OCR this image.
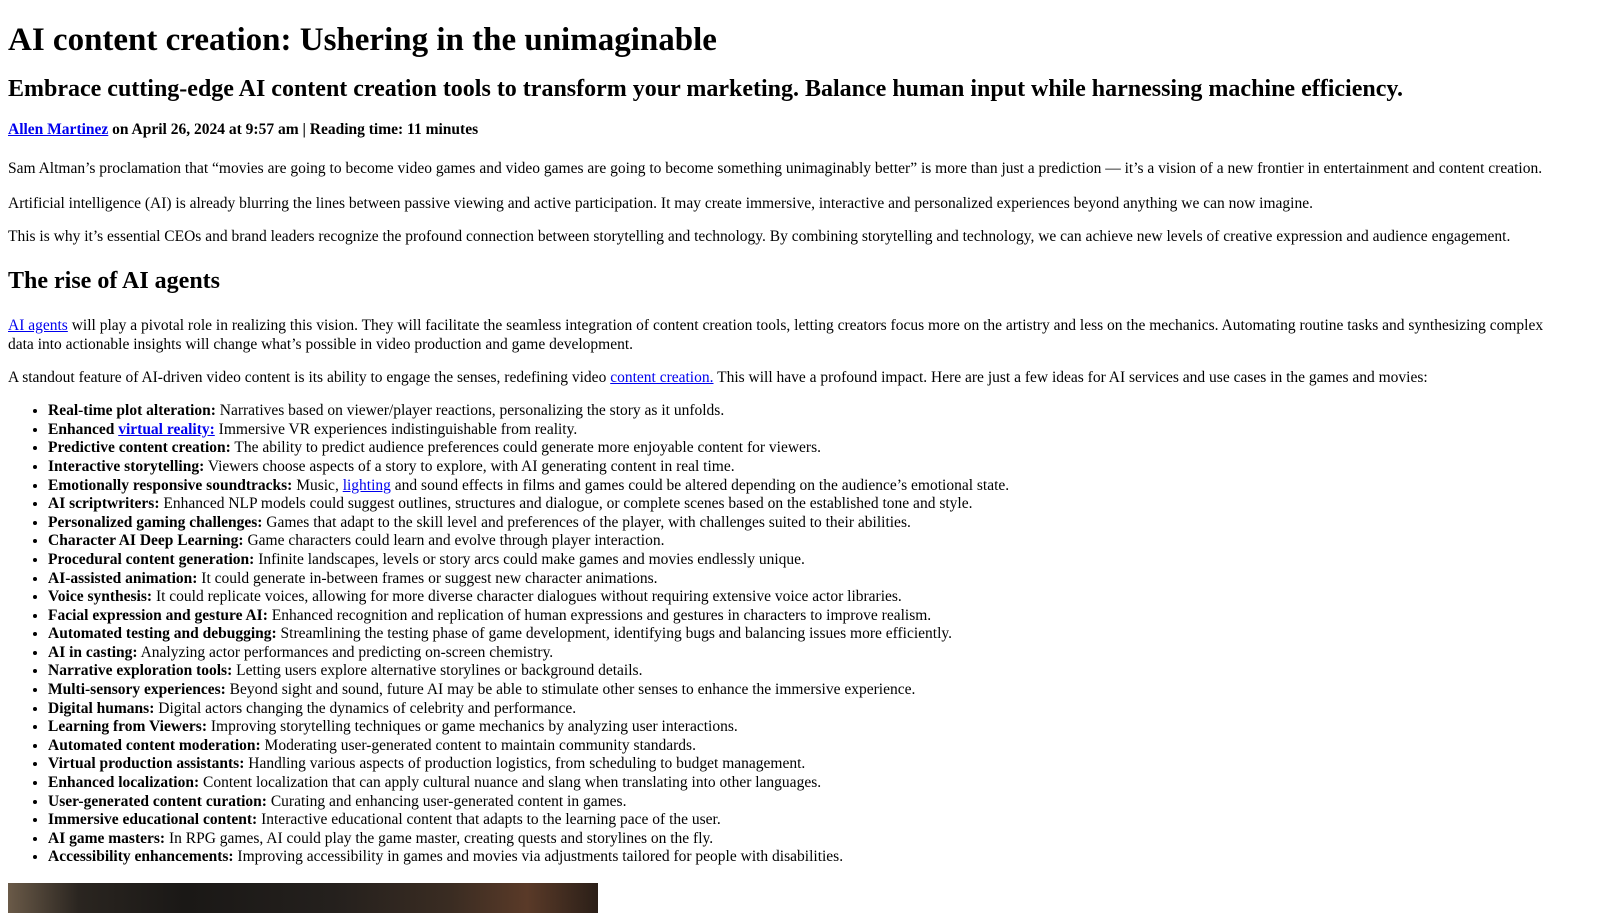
AI content creation: Ushering in the unimaginable
Embrace cutting-edge AI content creation tools to transform your marketing. Balance human input while harnessing machine efficiency.

Allen Martinez on April 26, 2024 at 9:57 am | Reading time: 11 minutes

Sam Altman’s proclamation that “movies are going to become video games and video games are going to become something unimaginably better” is more than just a prediction — it’s a vision of a new frontier in entertainment and content creation.

Artificial intelligence (AI) is already blurring the lines between passive viewing and active participation. It may create immersive, interactive and personalized experiences beyond anything we can now imagine.

This is why it’s essential CEOs and brand leaders recognize the profound connection between storytelling and technology. By combining storytelling and technology, we can achieve new levels of creative expression and audience engagement.

The rise of AI agents

AI agents will play a pivotal role in realizing this vision. They will facilitate the seamless integration of content creation tools, letting creators focus more on the artistry and less on the mechanics. Automating routine tasks and synthesizing complex data into actionable insights will change what’s possible in video production and game development.

A standout feature of AI-driven video content is its ability to engage the senses, redefining video content creation. This will have a profound impact. Here are just a few ideas for AI services and use cases in the games and movies:

• Real-time plot alteration: Narratives based on viewer/player reactions, personalizing the story as it unfolds.
• Enhanced virtual reality: Immersive VR experiences indistinguishable from reality.
• Predictive content creation: The ability to predict audience preferences could generate more enjoyable content for viewers.
• Interactive storytelling: Viewers choose aspects of a story to explore, with AI generating content in real time.
• Emotionally responsive soundtracks: Music, lighting and sound effects in films and games could be altered depending on the audience’s emotional state.
• AI scriptwriters: Enhanced NLP models could suggest outlines, structures and dialogue, or complete scenes based on the established tone and style.
• Personalized gaming challenges: Games that adapt to the skill level and preferences of the player, with challenges suited to their abilities.
• Character AI Deep Learning: Game characters could learn and evolve through player interaction.
• Procedural content generation: Infinite landscapes, levels or story arcs could make games and movies endlessly unique.
• AI-assisted animation: It could generate in-between frames or suggest new character animations.
• Voice synthesis: It could replicate voices, allowing for more diverse character dialogues without requiring extensive voice actor libraries.
• Facial expression and gesture AI: Enhanced recognition and replication of human expressions and gestures in characters to improve realism.
• Automated testing and debugging: Streamlining the testing phase of game development, identifying bugs and balancing issues more efficiently.
• AI in casting: Analyzing actor performances and predicting on-screen chemistry.
• Narrative exploration tools: Letting users explore alternative storylines or background details.
• Multi-sensory experiences: Beyond sight and sound, future AI may be able to stimulate other senses to enhance the immersive experience.
• Digital humans: Digital actors changing the dynamics of celebrity and performance.
• Learning from Viewers: Improving storytelling techniques or game mechanics by analyzing user interactions.
• Automated content moderation: Moderating user-generated content to maintain community standards.
• Virtual production assistants: Handling various aspects of production logistics, from scheduling to budget management.
• Enhanced localization: Content localization that can apply cultural nuance and slang when translating into other languages.
• User-generated content curation: Curating and enhancing user-generated content in games.
• Immersive educational content: Interactive educational content that adapts to the learning pace of the user.
• AI game masters: In RPG games, AI could play the game master, creating quests and storylines on the fly.
• Accessibility enhancements: Improving accessibility in games and movies via adjustments tailored for people with disabilities.
